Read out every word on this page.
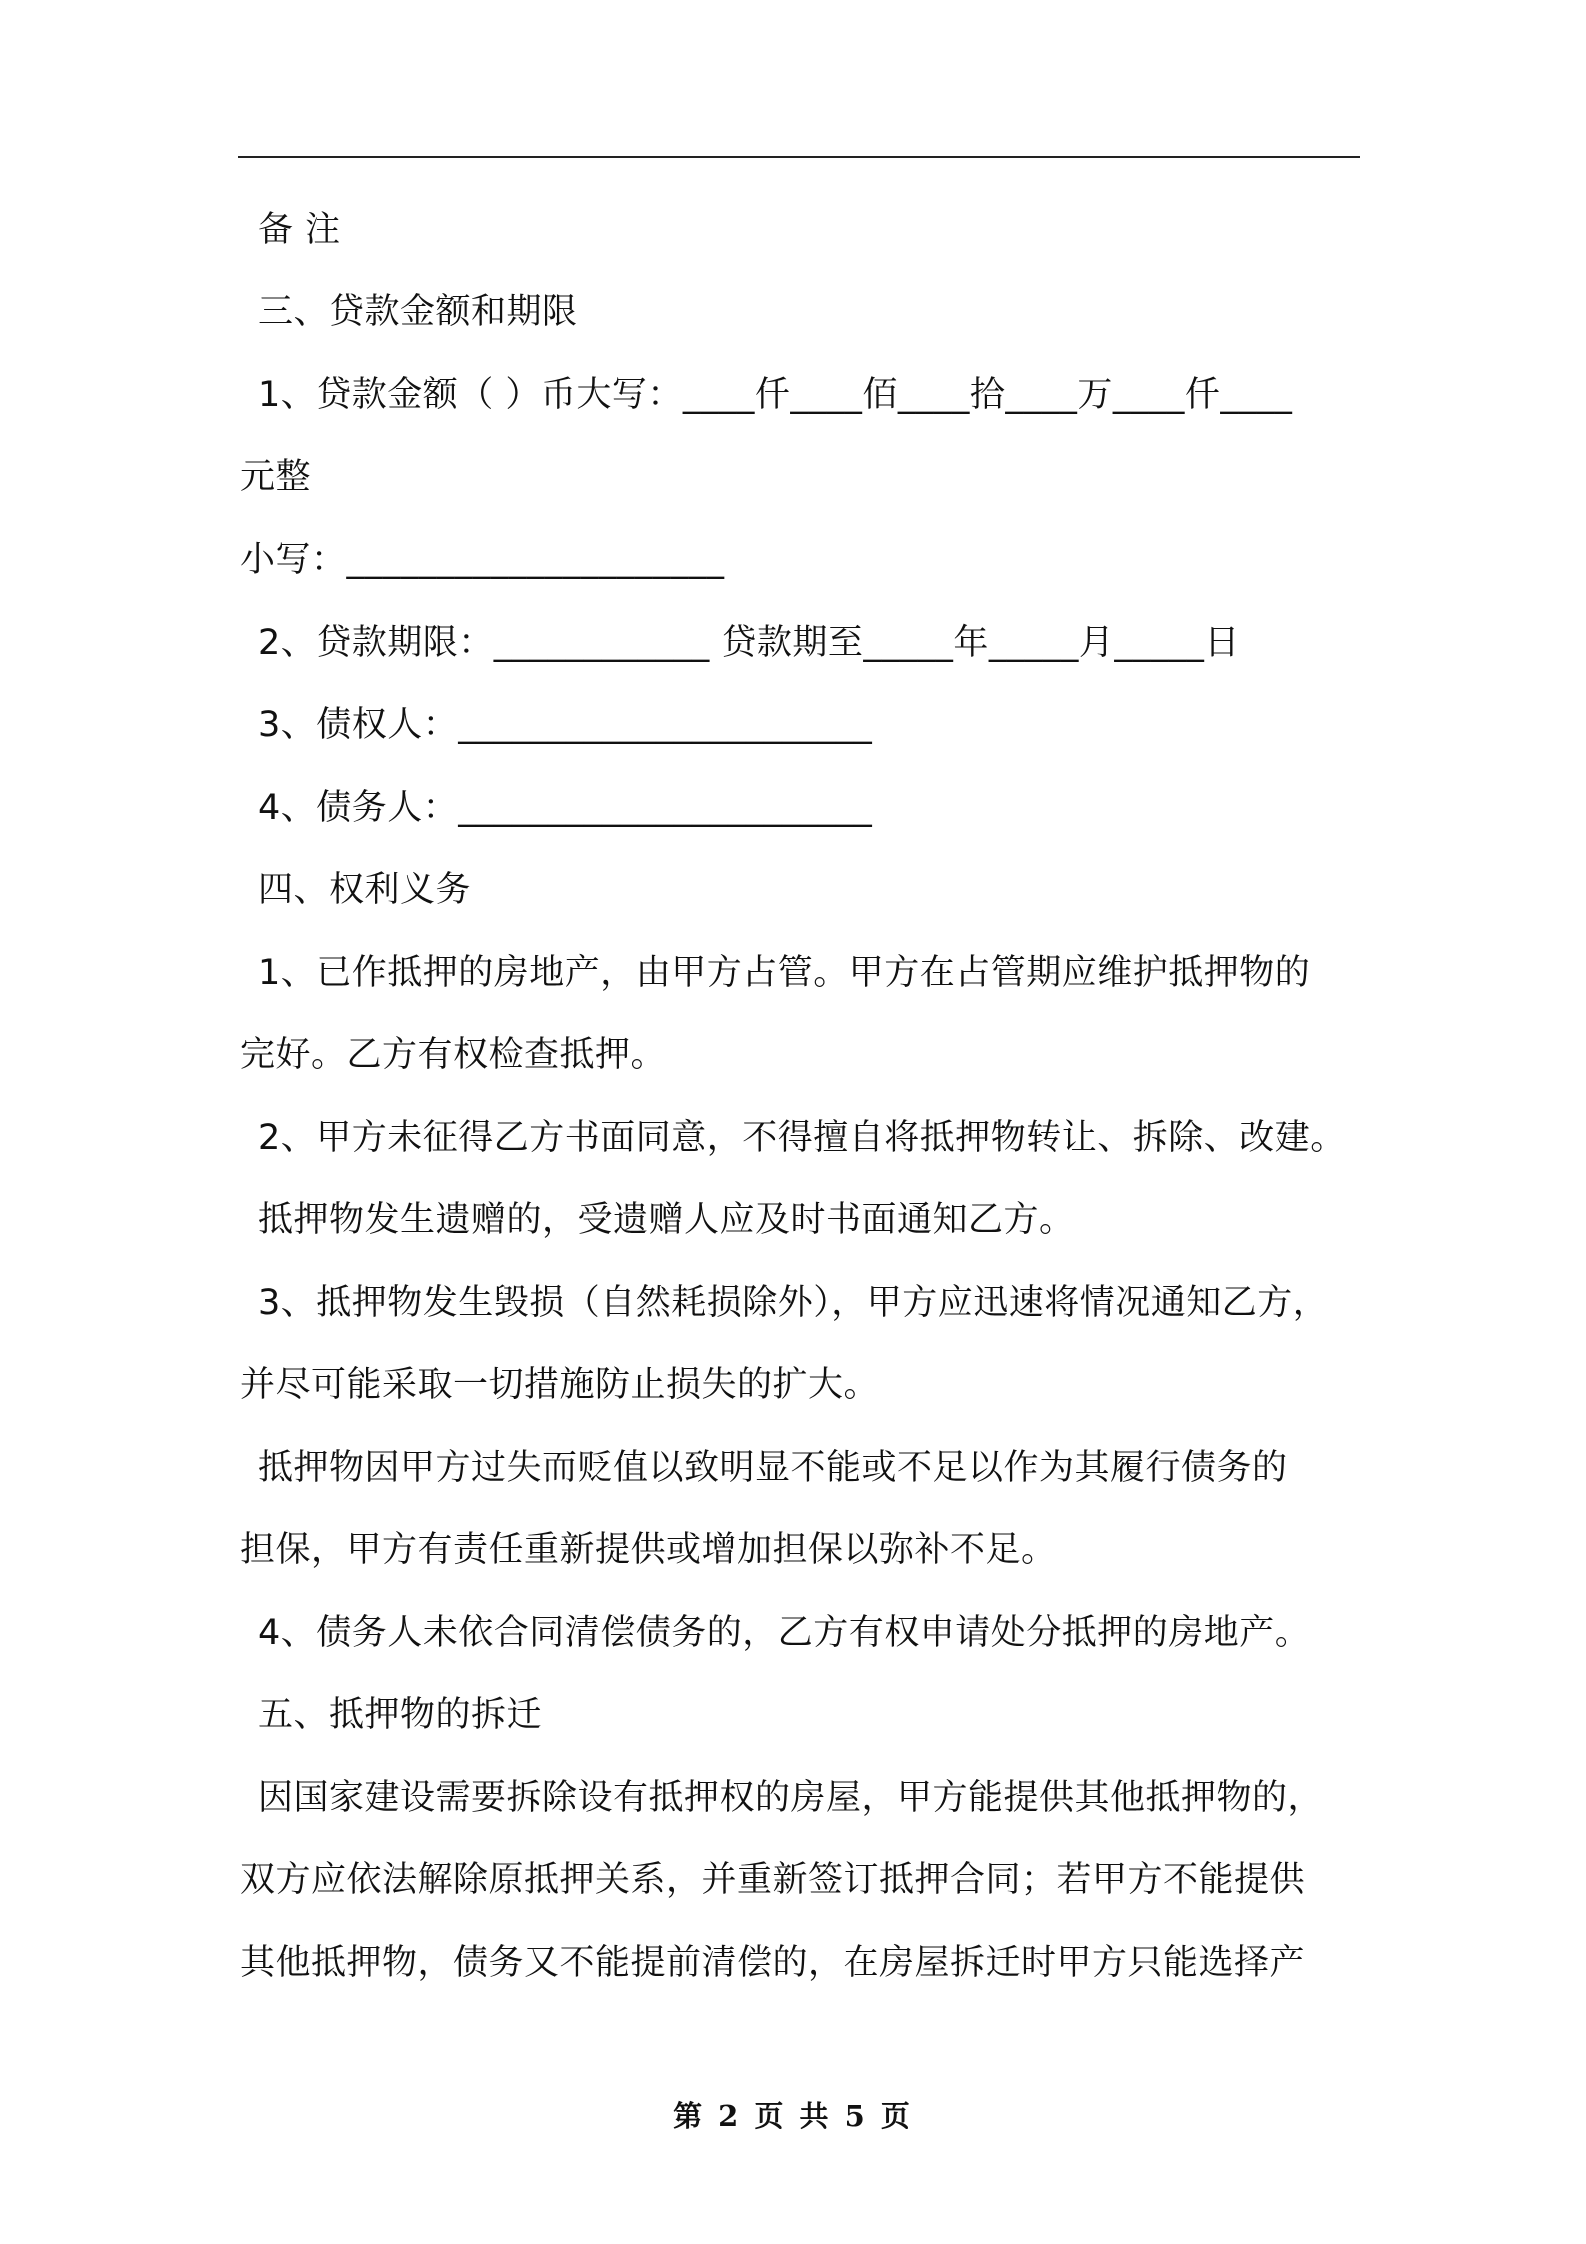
备 注
三、贷款金额和期限
1、贷款金额（ ）币大写：____仟____佰____拾____万____仟____
元整
小写：_____________________
2、贷款期限：____________ 贷款期至_____年_____月_____日
3、债权人：_______________________
4、债务人：_______________________
四、权利义务
1、已作抵押的房地产，由甲方占管。甲方在占管期应维护抵押物的
完好。乙方有权检查抵押。
2、甲方未征得乙方书面同意，不得擅自将抵押物转让、拆除、改建。
抵押物发生遗赠的，受遗赠人应及时书面通知乙方。
3、抵押物发生毁损（自然耗损除外），甲方应迅速将情况通知乙方，
并尽可能采取一切措施防止损失的扩大。
抵押物因甲方过失而贬值以致明显不能或不足以作为其履行债务的
担保，甲方有责任重新提供或增加担保以弥补不足。
4、债务人未依合同清偿债务的，乙方有权申请处分抵押的房地产。
五、抵押物的拆迁
因国家建设需要拆除设有抵押权的房屋，甲方能提供其他抵押物的，
双方应依法解除原抵押关系，并重新签订抵押合同；若甲方不能提供
其他抵押物，债务又不能提前清偿的，在房屋拆迁时甲方只能选择产
第 2 页 共 5 页
